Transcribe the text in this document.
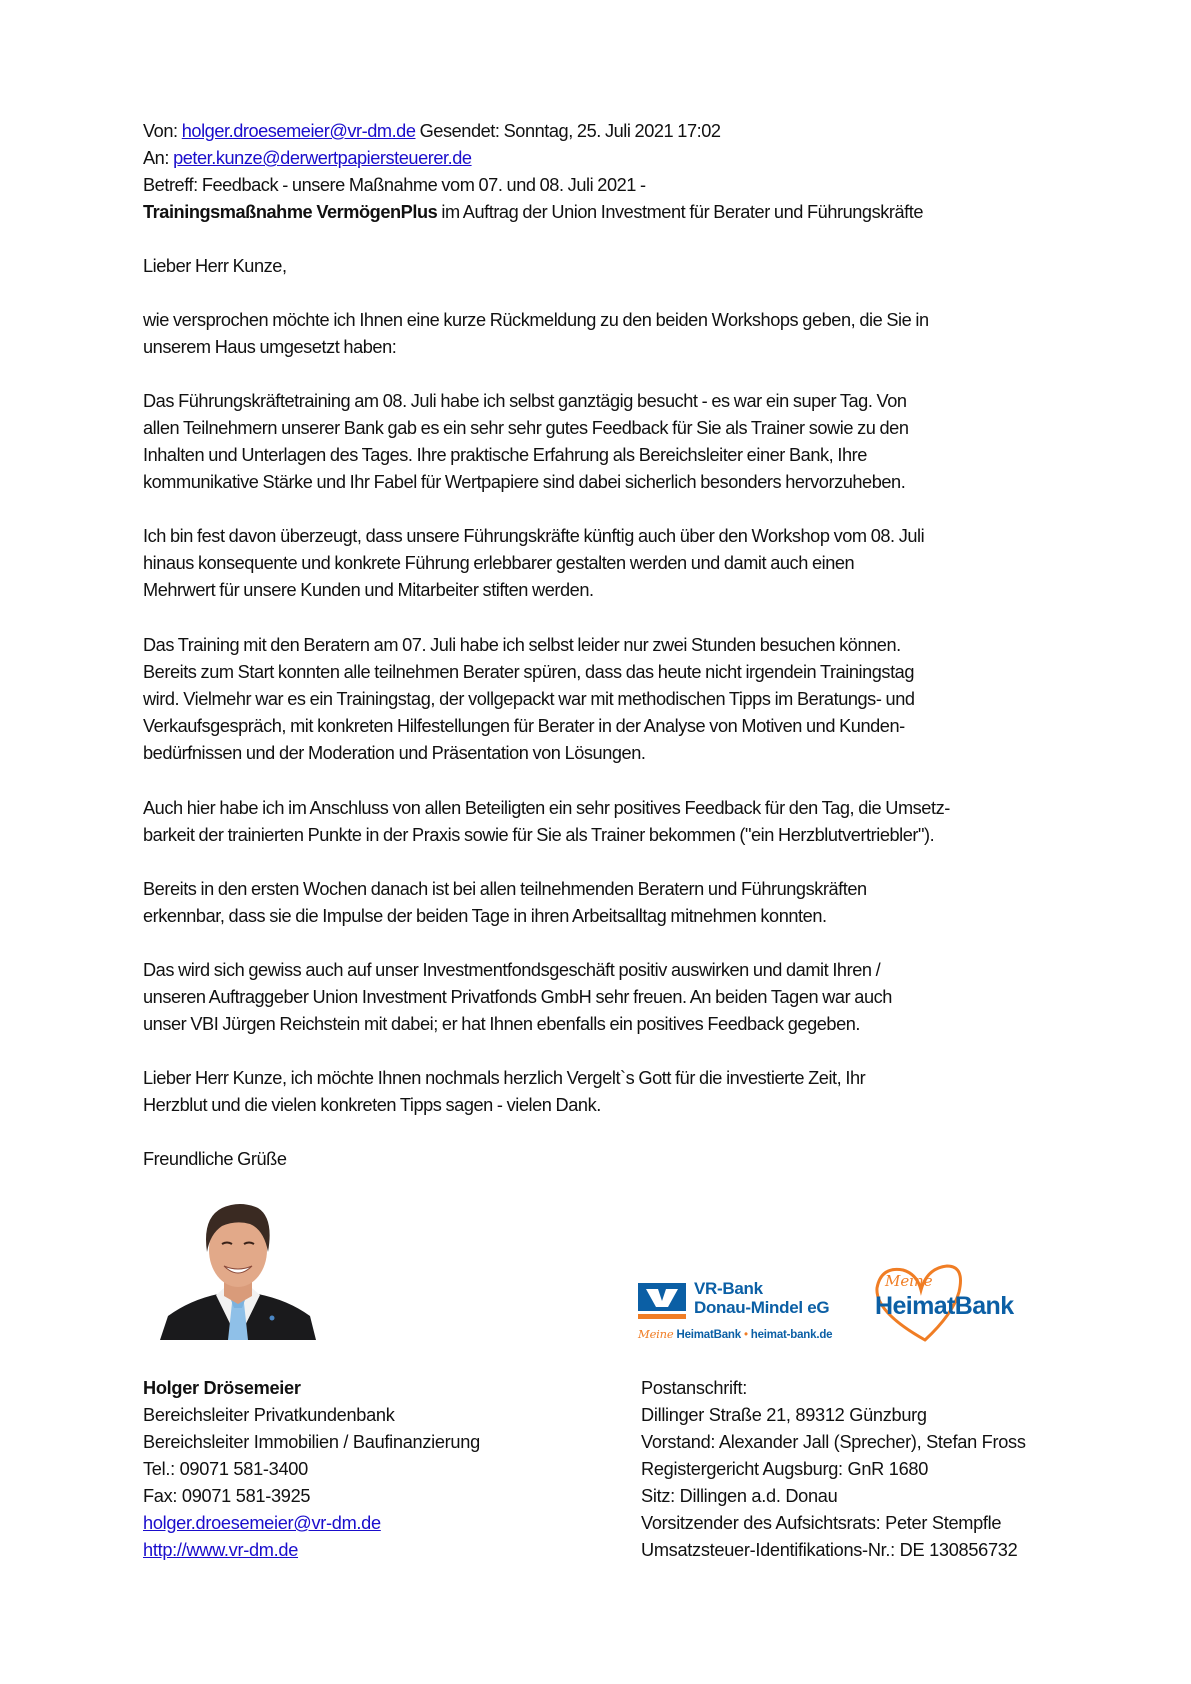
Von: holger.droesemeier@vr-dm.de Gesendet: Sonntag, 25. Juli 2021 17:02
An: peter.kunze@derwertpapiersteuerer.de
Betreff: Feedback - unsere Maßnahme vom 07. und 08. Juli 2021 -
Trainingsmaßnahme VermögenPlus im Auftrag der Union Investment für Berater und Führungskräfte
Lieber Herr Kunze,
wie versprochen möchte ich Ihnen eine kurze Rückmeldung zu den beiden Workshops geben, die Sie in
unserem Haus umgesetzt haben:
Das Führungskräftetraining am 08. Juli habe ich selbst ganztägig besucht - es war ein super Tag. Von
allen Teilnehmern unserer Bank gab es ein sehr sehr gutes Feedback für Sie als Trainer sowie zu den
Inhalten und Unterlagen des Tages. Ihre praktische Erfahrung als Bereichsleiter einer Bank, Ihre
kommunikative Stärke und Ihr Fabel für Wertpapiere sind dabei sicherlich besonders hervorzuheben.
Ich bin fest davon überzeugt, dass unsere Führungskräfte künftig auch über den Workshop vom 08. Juli
hinaus konsequente und konkrete Führung erlebbarer gestalten werden und damit auch einen
Mehrwert für unsere Kunden und Mitarbeiter stiften werden.
Das Training mit den Beratern am 07. Juli habe ich selbst leider nur zwei Stunden besuchen können.
Bereits zum Start konnten alle teilnehmen Berater spüren, dass das heute nicht irgendein Trainingstag
wird. Vielmehr war es ein Trainingstag, der vollgepackt war mit methodischen Tipps im Beratungs- und
Verkaufsgespräch, mit konkreten Hilfestellungen für Berater in der Analyse von Motiven und Kunden-
bedürfnissen und der Moderation und Präsentation von Lösungen.
Auch hier habe ich im Anschluss von allen Beteiligten ein sehr positives Feedback für den Tag, die Umsetz-
barkeit der trainierten Punkte in der Praxis sowie für Sie als Trainer bekommen ("ein Herzblutvertriebler").
Bereits in den ersten Wochen danach ist bei allen teilnehmenden Beratern und Führungskräften
erkennbar, dass sie die Impulse der beiden Tage in ihren Arbeitsalltag mitnehmen konnten.
Das wird sich gewiss auch auf unser Investmentfondsgeschäft positiv auswirken und damit Ihren /
unseren Auftraggeber Union Investment Privatfonds GmbH sehr freuen. An beiden Tagen war auch
unser VBI Jürgen Reichstein mit dabei; er hat Ihnen ebenfalls ein positives Feedback gegeben.
Lieber Herr Kunze, ich möchte Ihnen nochmals herzlich Vergelt`s Gott für die investierte Zeit, Ihr
Herzblut und die vielen konkreten Tipps sagen - vielen Dank.
Freundliche Grüße
VR-Bank
Donau-Mindel eG
Meine HeimatBank • heimat-bank.de
Meine
HeimatBank
Holger Drösemeier
Bereichsleiter Privatkundenbank
Bereichsleiter Immobilien / Baufinanzierung
Tel.: 09071 581-3400
Fax: 09071 581-3925
holger.droesemeier@vr-dm.de
http://www.vr-dm.de
Postanschrift:
Dillinger Straße 21, 89312 Günzburg
Vorstand: Alexander Jall (Sprecher), Stefan Fross
Registergericht Augsburg: GnR 1680
Sitz: Dillingen a.d. Donau
Vorsitzender des Aufsichtsrats: Peter Stempfle
Umsatzsteuer-Identifikations-Nr.: DE 130856732
